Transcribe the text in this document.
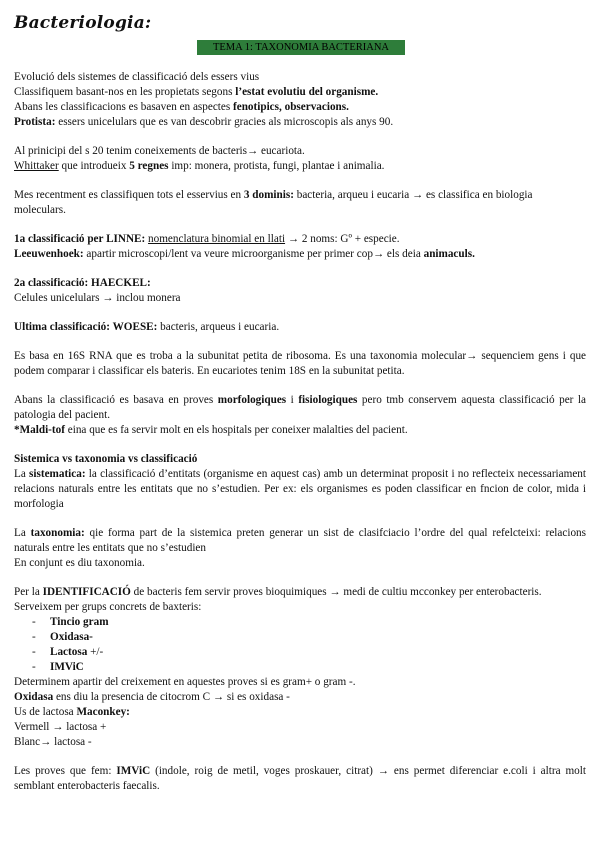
Bacteriologia:
TEMA 1: TAXONOMIA BACTERIANA

Evolució dels sistemes de classificació dels essers vius

Classifiquem basant-nos en les propietats segons l’estat evolutiu del organisme.

Abans les classificacions es basaven en aspectes fenotipics, observacions.

Protista: essers unicelulars que es van descobrir gracies als microscopis als anys 90.

Al prinicipi del s 20 tenim coneixements de bacteris→ eucariota.

Whittaker que introdueix 5 regnes imp: monera, protista, fungi, plantae i animalia.

Mes recentment es classifiquen tots el esservius en 3 dominis: bacteria, arqueu i eucaria → es classifica en biologia moleculars.

1a classificació per LINNE: nomenclatura binomial en llati → 2 noms: Gº + especie.

Leeuwenhoek: apartir microscopi/lent va veure microorganisme per primer cop→ els deia animaculs.

2a classificació: HAECKEL:

Celules unicelulars → inclou monera

Ultima classificació: WOESE: bacteris, arqueus i eucaria.

Es basa en 16S RNA que es troba a la subunitat petita de ribosoma. Es una taxonomia molecular→ sequenciem gens i que podem comparar i classificar els bateris. En eucariotes tenim 18S en la subunitat petita.

Abans la classificació es basava en proves morfologiques i fisiologiques pero tmb conservem aquesta classificació per la patologia del pacient.

*Maldi-tof eina que es fa servir molt en els hospitals per coneixer malalties del pacient.

Sistemica vs taxonomia vs classificació

La sistematica: la classificació d’entitats (organisme en aquest cas) amb un determinat proposit i no reflecteix necessariament relacions naturals entre les entitats que no s’estudien. Per ex: els organismes es poden classificar en fncion de color, mida i morfologia

La taxonomia: qie forma part de la sistemica preten generar un sist de clasifciacio l’ordre del qual refelcteixi: relacions naturals entre les entitats que no s’estudien

En conjunt es diu taxonomia.

Per la IDENTIFICACIÓ de bacteris fem servir proves bioquimiques → medi de cultiu mcconkey per enterobacteris.

Serveixem per grups concrets de baxteris:

- Tincio gram
- Oxidasa-
- Lactosa +/-
- IMViC

Determinem apartir del creixement en aquestes proves si es gram+ o gram -.

Oxidasa ens diu la presencia de citocrom C → si es oxidasa -

Us de lactosa Maconkey:

Vermell → lactosa +

Blanc→ lactosa -

Les proves que fem: IMViC (indole, roig de metil, voges proskauer, citrat) → ens permet diferenciar e.coli i altra molt semblant enterobacteris faecalis.
